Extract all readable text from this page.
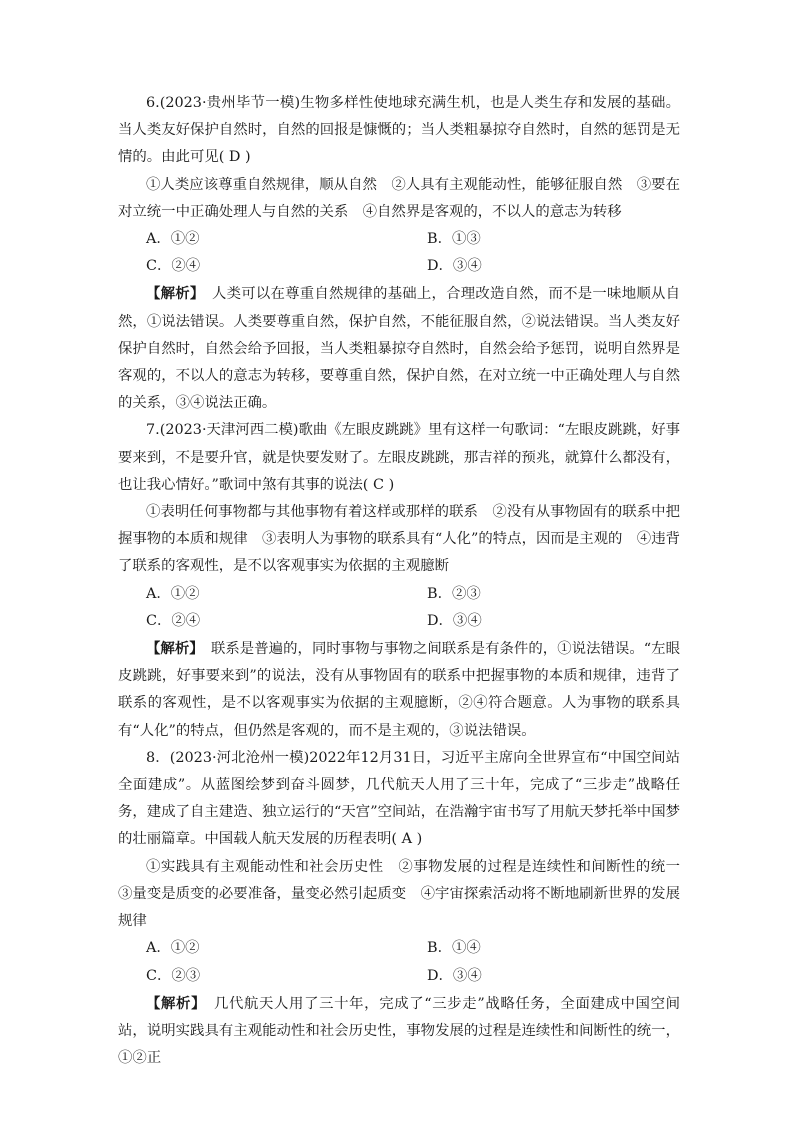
6.(2023·贵州毕节一模)生物多样性使地球充满生机，也是人类生存和发展的基础。当人类友好保护自然时，自然的回报是慷慨的；当人类粗暴掠夺自然时，自然的惩罚是无情的。由此可见( D )

①人类应该尊重自然规律，顺从自然　②人具有主观能动性，能够征服自然　③要在对立统一中正确处理人与自然的关系　④自然界是客观的，不以人的意志为转移

A．①②	B．①③
C．②④	D．③④

【解析】　 人类可以在尊重自然规律的基础上，合理改造自然，而不是一味地顺从自然，①说法错误。人类要尊重自然，保护自然，不能征服自然，②说法错误。当人类友好保护自然时，自然会给予回报，当人类粗暴掠夺自然时，自然会给予惩罚，说明自然界是客观的，不以人的意志为转移，要尊重自然，保护自然，在对立统一中正确处理人与自然的关系，③④说法正确。

7.(2023·天津河西二模)歌曲《左眼皮跳跳》里有这样一句歌词：“左眼皮跳跳，好事要来到，不是要升官，就是快要发财了。左眼皮跳跳，那吉祥的预兆，就算什么都没有，也让我心情好。”歌词中煞有其事的说法( C )

①表明任何事物都与其他事物有着这样或那样的联系　②没有从事物固有的联系中把握事物的本质和规律　③表明人为事物的联系具有“人化”的特点，因而是主观的　④违背了联系的客观性，是不以客观事实为依据的主观臆断

A．①②	B．②③
C．②④	D．③④

【解析】　 联系是普遍的，同时事物与事物之间联系是有条件的，①说法错误。“左眼皮跳跳，好事要来到”的说法，没有从事物固有的联系中把握事物的本质和规律，违背了联系的客观性，是不以客观事实为依据的主观臆断，②④符合题意。人为事物的联系具有“人化”的特点，但仍然是客观的，而不是主观的，③说法错误。

8．(2023·河北沧州一模)2022年12月31日，习近平主席向全世界宣布“中国空间站全面建成”。从蓝图绘梦到奋斗圆梦，几代航天人用了三十年，完成了“三步走”战略任务，建成了自主建造、独立运行的“天宫”空间站，在浩瀚宇宙书写了用航天梦托举中国梦的壮丽篇章。中国载人航天发展的历程表明( A )

①实践具有主观能动性和社会历史性　②事物发展的过程是连续性和间断性的统一　③量变是质变的必要准备，量变必然引起质变　④宇宙探索活动将不断地刷新世界的发展规律

A．①②	B．①④
C．②③	D．③④

【解析】　 几代航天人用了三十年，完成了“三步走”战略任务，全面建成中国空间站，说明实践具有主观能动性和社会历史性，事物发展的过程是连续性和间断性的统一，①②正
